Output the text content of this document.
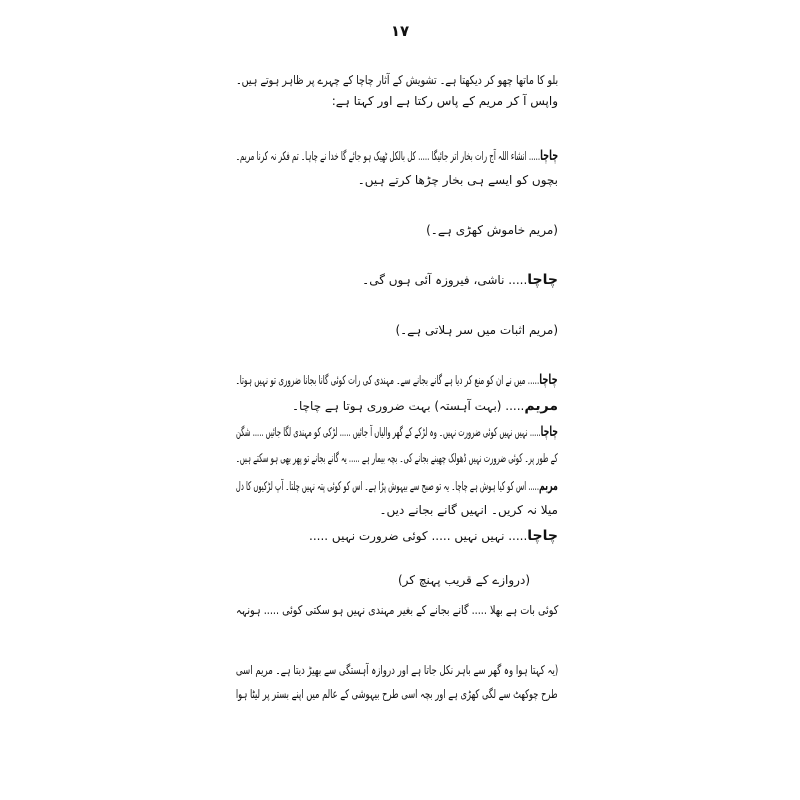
۱۷
بلو کا ماتھا چھو کر دیکھتا ہے۔ تشویش کے آثار چاچا کے چہرے پر ظاہر ہوتے ہیں۔
واپس آ کر مریم کے پاس رکتا ہے اور کہتا ہے:
چاچا..... انشاء اللہ آج رات بخار اتر جائیگا ..... کل بالکل ٹھیک ہو جائے گا خدا نے چاہا۔ تم فکر نہ کرنا مریم۔
بچوں کو ایسے ہی بخار چڑھا کرتے ہیں۔
(مریم خاموش کھڑی ہے۔)
چاچا..... ناشی، فیروزہ آئی ہوں گی۔
(مریم اثبات میں سر ہلاتی ہے۔)
چاچا..... میں نے ان کو منع کر دیا ہے گانے بجانے سے۔ مہندی کی رات کوئی گانا بجانا ضروری تو نہیں ہوتا۔
مریم..... (بہت آہستہ) بہت ضروری ہوتا ہے چاچا۔
چاچا..... نہیں نہیں کوئی ضرورت نہیں۔ وہ لڑکے کے گھر والیاں آ جائیں ..... لڑکی کو مہندی لگا جائیں ..... شگن
کے طور پر۔ کوئی ضرورت نہیں ڈھولک چھینے بجانے کی۔ بچہ بیمار ہے ..... یہ گانے بجانے تو پھر بھی ہو سکتے ہیں۔
مریم..... اس کو کیا ہوش ہے چاچا۔ یہ تو صبح سے بیہوش پڑا ہے۔ اس کو کوئی پتہ نہیں چلتا۔ آپ لڑکیوں کا دل
میلا نہ کریں۔ انہیں گانے بجانے دیں۔
چاچا..... نہیں نہیں ..... کوئی ضرورت نہیں .....
(دروازے کے قریب پہنچ کر)
کوئی بات ہے بھلا ..... گانے بجانے کے بغیر مہندی نہیں ہو سکتی کوئی ..... ہونہہ
(یہ کہتا ہوا وہ گھر سے باہر نکل جاتا ہے اور دروازہ آہستگی سے بھیڑ دیتا ہے۔ مریم اسی
طرح چوکھٹ سے لگی کھڑی ہے اور بچہ اسی طرح بیہوشی کے عالم میں اپنے بستر پر لیٹا ہوا
